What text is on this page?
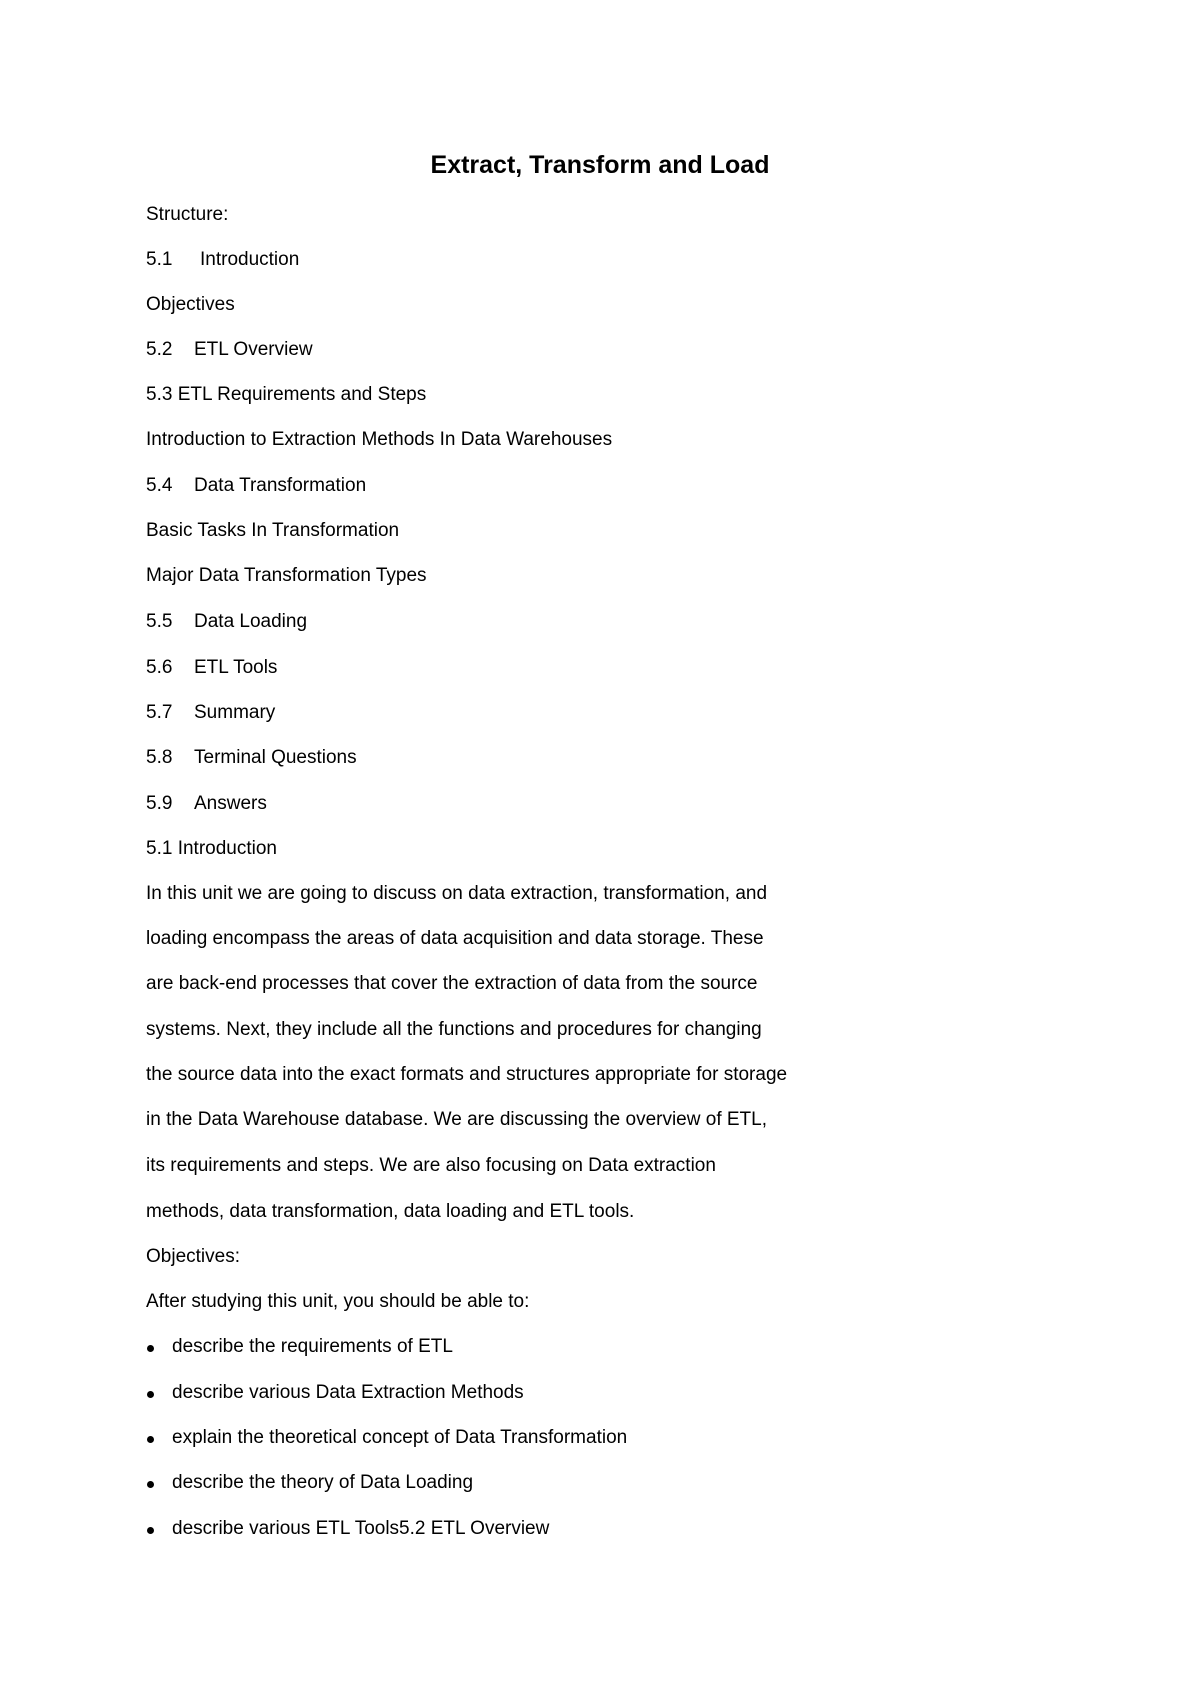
Extract, Transform and Load
Structure:
5.1 Introduction
Objectives
5.2 ETL Overview
5.3 ETL Requirements and Steps
Introduction to Extraction Methods In Data Warehouses
5.4 Data Transformation
Basic Tasks In Transformation
Major Data Transformation Types
5.5 Data Loading
5.6 ETL Tools
5.7 Summary
5.8 Terminal Questions
5.9 Answers
5.1 Introduction
In this unit we are going to discuss on data extraction, transformation, and
loading encompass the areas of data acquisition and data storage. These
are back-end processes that cover the extraction of data from the source
systems. Next, they include all the functions and procedures for changing
the source data into the exact formats and structures appropriate for storage
in the Data Warehouse database. We are discussing the overview of ETL,
its requirements and steps. We are also focusing on Data extraction
methods, data transformation, data loading and ETL tools.
Objectives:
After studying this unit, you should be able to:
describe the requirements of ETL
describe various Data Extraction Methods
explain the theoretical concept of Data Transformation
describe the theory of Data Loading
describe various ETL Tools5.2 ETL Overview
